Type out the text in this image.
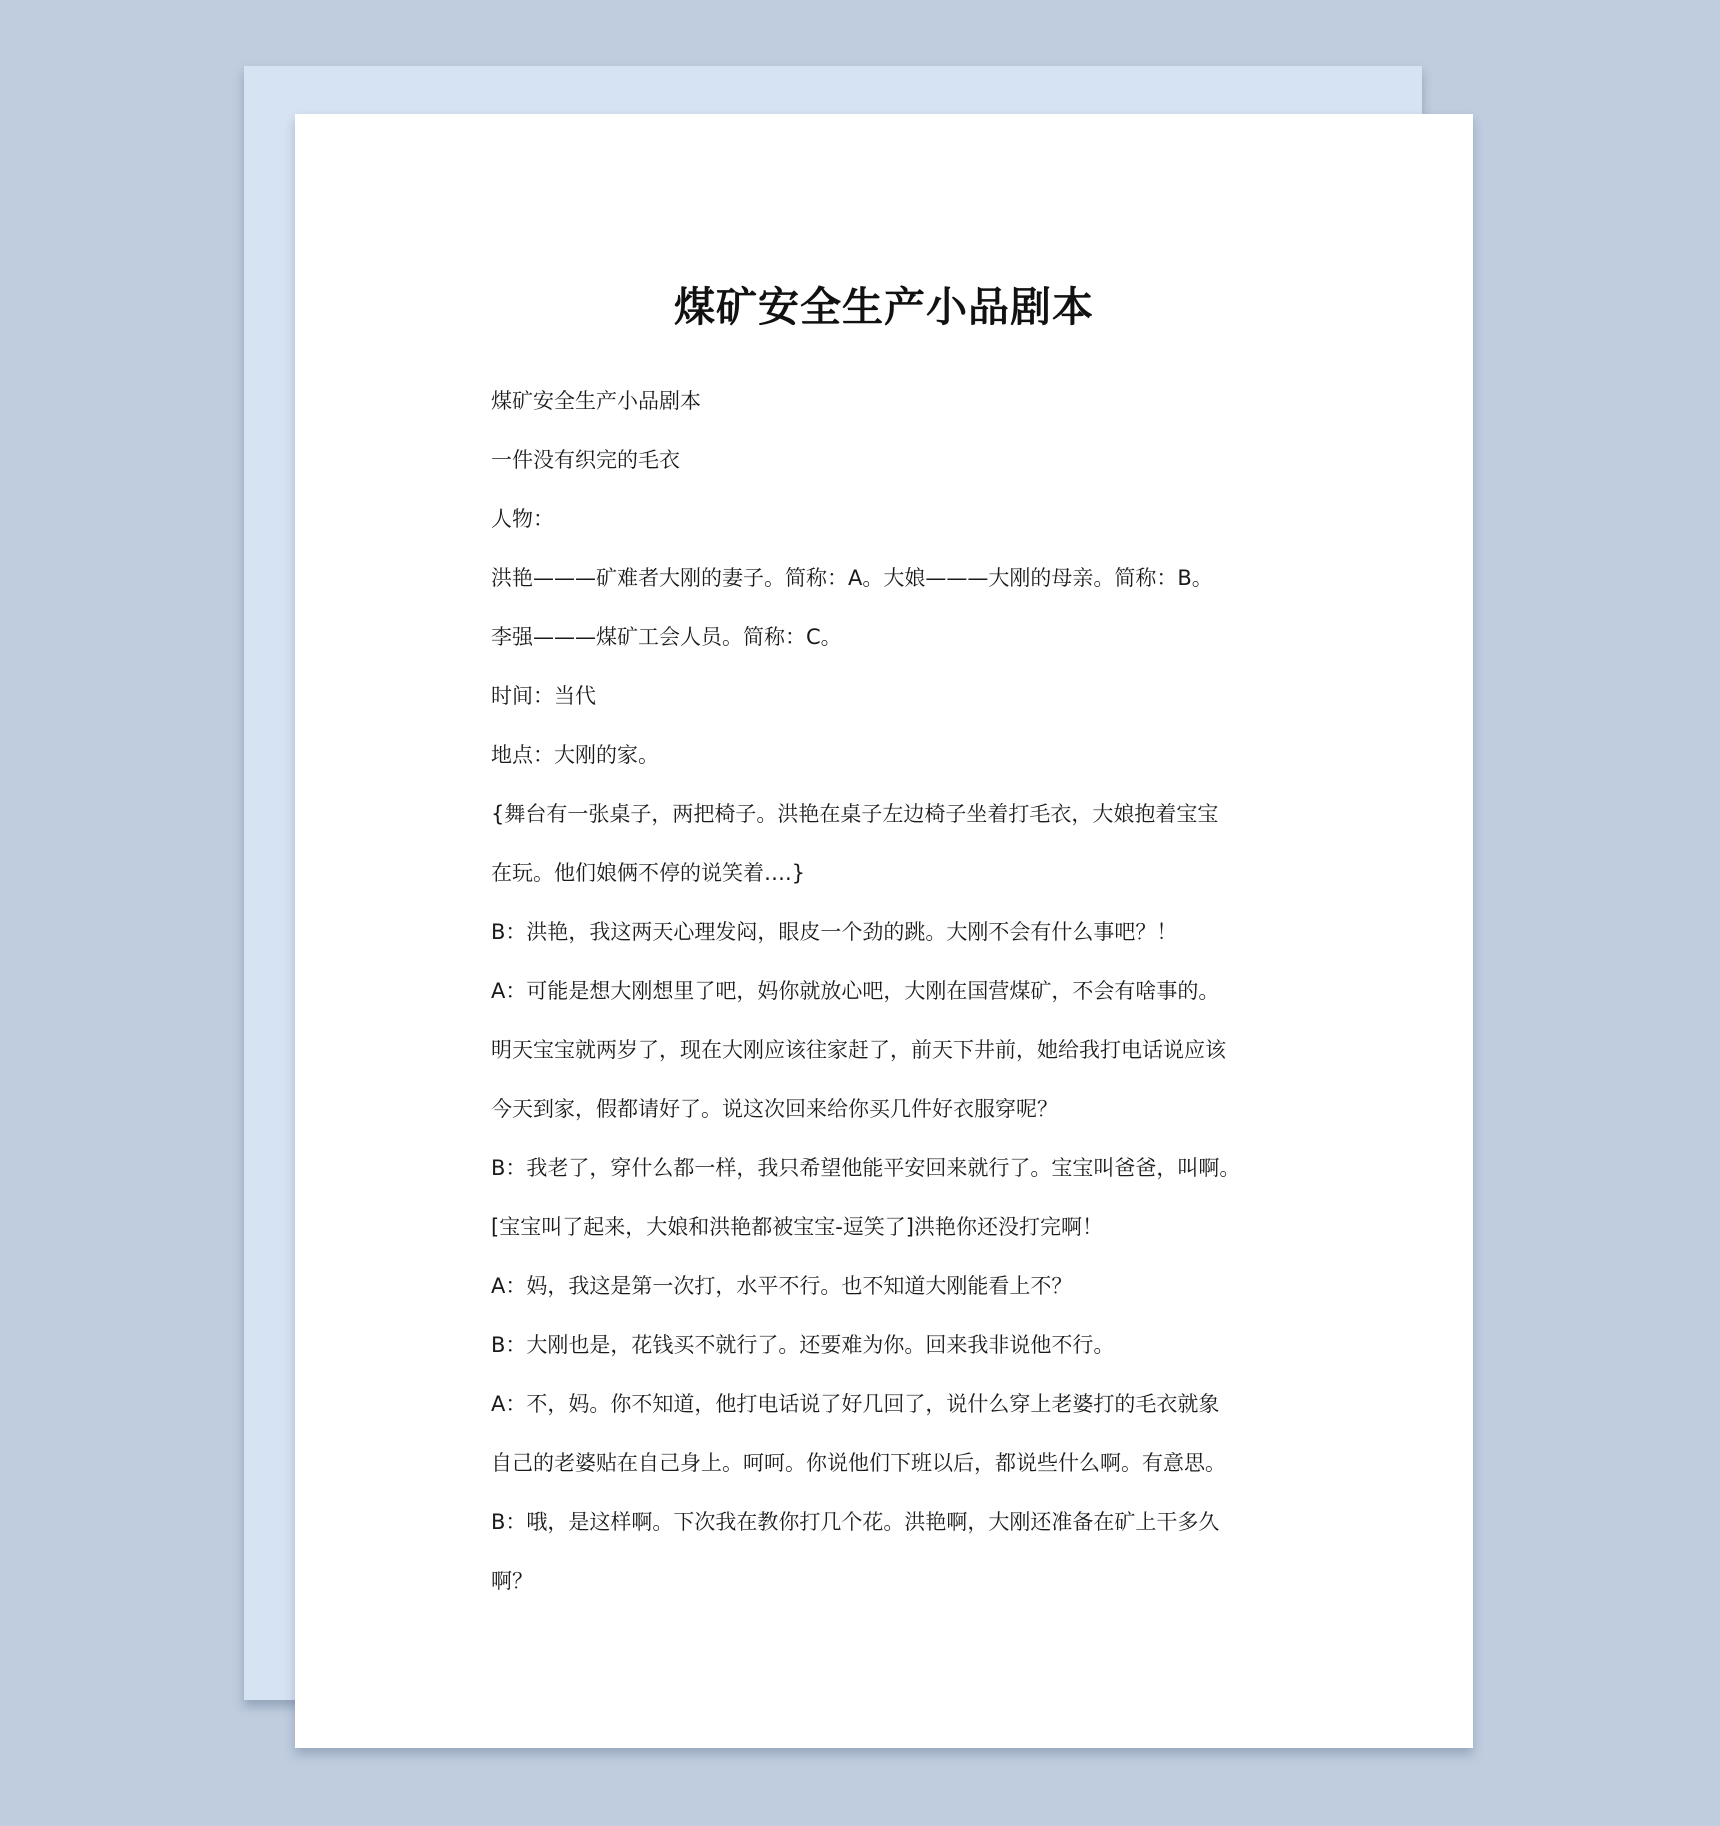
煤矿安全生产小品剧本
煤矿安全生产小品剧本
一件没有织完的毛衣
人物：
洪艳———矿难者大刚的妻子。简称：A。大娘———大刚的母亲。简称：B。
李强———煤矿工会人员。简称：C。
时间：当代
地点：大刚的家。
{舞台有一张桌子，两把椅子。洪艳在桌子左边椅子坐着打毛衣，大娘抱着宝宝
在玩。他们娘俩不停的说笑着….}
B：洪艳，我这两天心理发闷，眼皮一个劲的跳。大刚不会有什么事吧？！
A：可能是想大刚想里了吧，妈你就放心吧，大刚在国营煤矿，不会有啥事的。
明天宝宝就两岁了，现在大刚应该往家赶了，前天下井前，她给我打电话说应该
今天到家，假都请好了。说这次回来给你买几件好衣服穿呢？
B：我老了，穿什么都一样，我只希望他能平安回来就行了。宝宝叫爸爸，叫啊。
[宝宝叫了起来，大娘和洪艳都被宝宝-逗笑了]洪艳你还没打完啊！
A：妈，我这是第一次打，水平不行。也不知道大刚能看上不？
B：大刚也是，花钱买不就行了。还要难为你。回来我非说他不行。
A：不，妈。你不知道，他打电话说了好几回了，说什么穿上老婆打的毛衣就象
自己的老婆贴在自己身上。呵呵。你说他们下班以后，都说些什么啊。有意思。
B：哦，是这样啊。下次我在教你打几个花。洪艳啊，大刚还准备在矿上干多久
啊？
